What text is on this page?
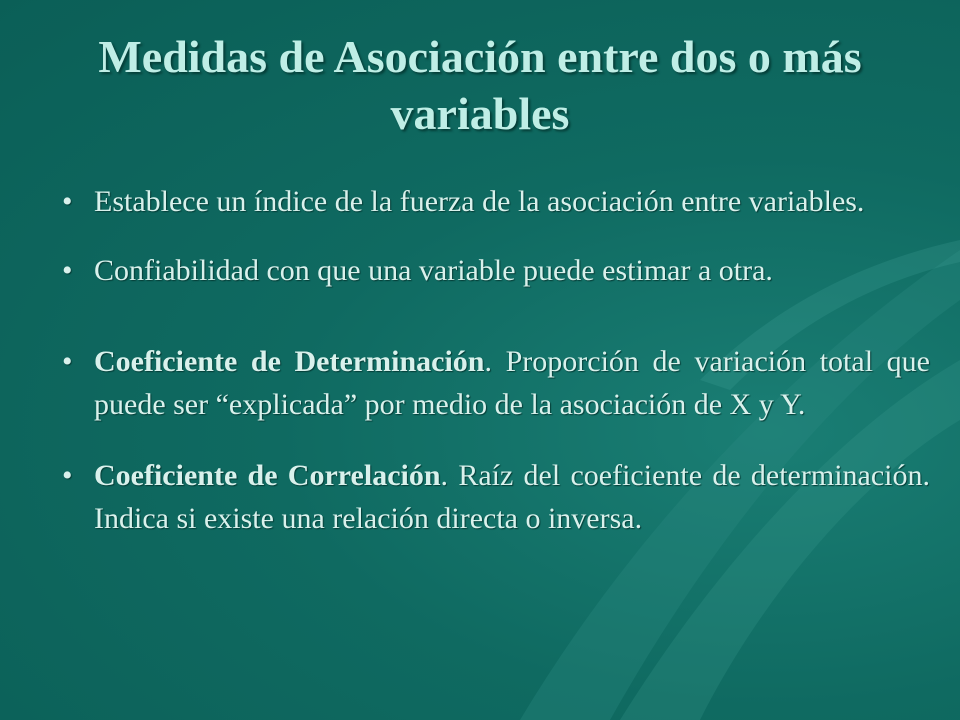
Medidas de Asociación entre dos o más variables
• Establece un índice de la fuerza de la asociación entre variables.
• Confiabilidad con que una variable puede estimar a otra.
• Coeficiente de Determinación. Proporción de variación total que puede ser “explicada” por medio de la asociación de X y Y.
• Coeficiente de Correlación. Raíz del coeficiente de determinación. Indica si existe una relación directa o inversa.
